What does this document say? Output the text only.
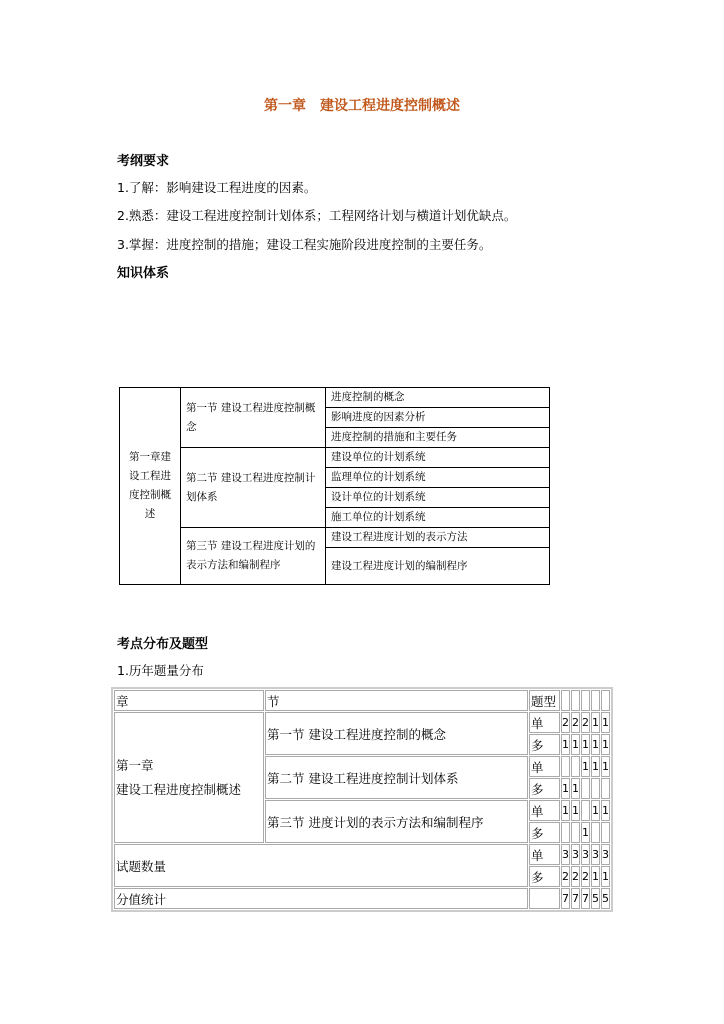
第一章　建设工程进度控制概述
考纲要求
1.了解：影响建设工程进度的因素。
2.熟悉：建设工程进度控制计划体系；工程网络计划与横道计划优缺点。
3.掌握：进度控制的措施；建设工程实施阶段进度控制的主要任务。
知识体系
第一章建设工程进度控制概述	第一节 建设工程进度控制概念	进度控制的概念
		影响进度的因素分析
		进度控制的措施和主要任务
	第二节 建设工程进度控制计划体系	建设单位的计划系统
		监理单位的计划系统
		设计单位的计划系统
		施工单位的计划系统
	第三节 建设工程进度计划的表示方法和编制程序	建设工程进度计划的表示方法
		建设工程进度计划的编制程序
考点分布及题型
1.历年题量分布
章	节	题型					

第一章
建设工程进度控制概述	第一节 建设工程进度控制的概念	单	2	2	2	1	1
		多	1	1	1	1	1
	第二节 建设工程进度控制计划体系	单			1	1	1
		多	1	1			
	第三节 进度计划的表示方法和编制程序	单	1	1		1	1
		多			1		
试题数量		单	3	3	3	3	3
		多	2	2	2	1	1
分值统计			7	7	7	5	5
